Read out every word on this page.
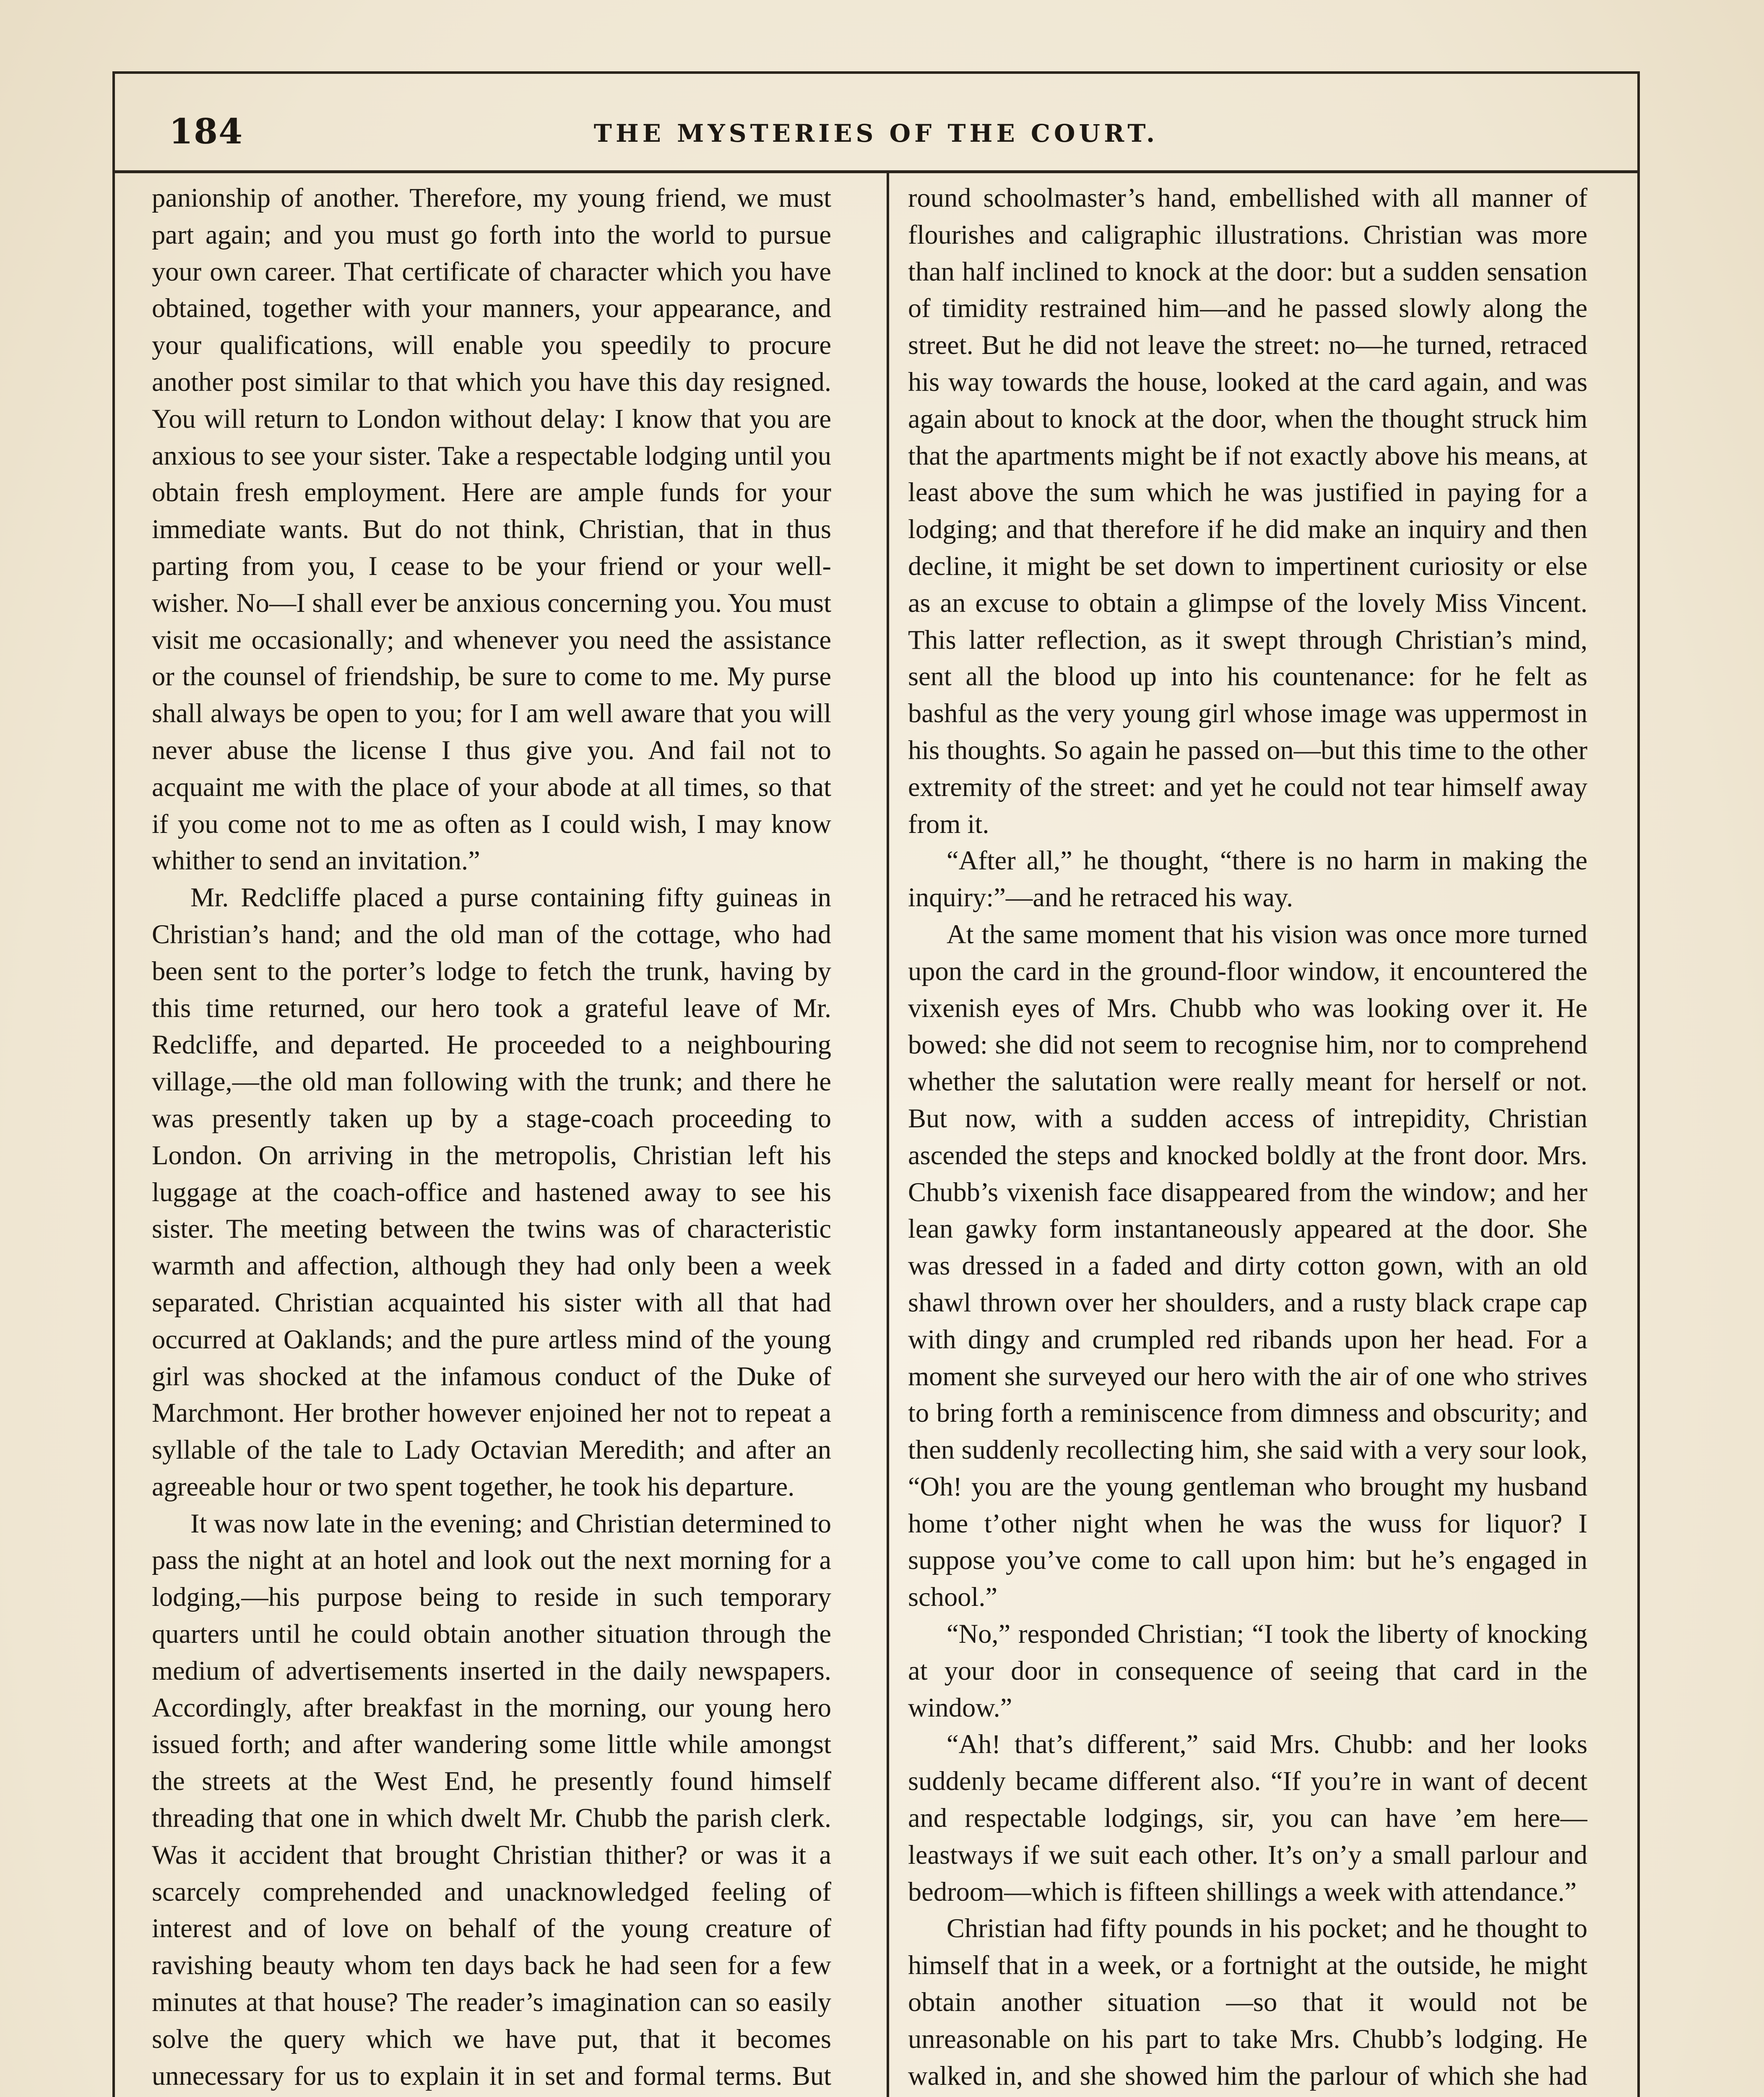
184	THE MYSTERIES OF THE COURT.

panionship of another. Therefore, my young friend, we must part again; and you must go forth into the world to pursue your own career. That certificate of character which you have obtained, together with your manners, your appearance, and your qualifications, will enable you speedily to procure another post similar to that which you have this day resigned. You will return to London without delay: I know that you are anxious to see your sister. Take a respectable lodging until you obtain fresh employment. Here are ample funds for your immediate wants. But do not think, Christian, that in thus parting from you, I cease to be your friend or your well-wisher. No—I shall ever be anxious concerning you. You must visit me occasionally; and whenever you need the assistance or the counsel of friendship, be sure to come to me. My purse shall always be open to you; for I am well aware that you will never abuse the license I thus give you. And fail not to acquaint me with the place of your abode at all times, so that if you come not to me as often as I could wish, I may know whither to send an invitation.”

Mr. Redcliffe placed a purse containing fifty guineas in Christian’s hand; and the old man of the cottage, who had been sent to the porter’s lodge to fetch the trunk, having by this time returned, our hero took a grateful leave of Mr. Redcliffe, and departed. He proceeded to a neighbouring village,—the old man following with the trunk; and there he was presently taken up by a stage-coach proceeding to London. On arriving in the metropolis, Christian left his luggage at the coach-office and hastened away to see his sister. The meeting between the twins was of characteristic warmth and affection, although they had only been a week separated. Christian acquainted his sister with all that had occurred at Oaklands; and the pure artless mind of the young girl was shocked at the infamous conduct of the Duke of Marchmont. Her brother however enjoined her not to repeat a syllable of the tale to Lady Octavian Meredith; and after an agreeable hour or two spent together, he took his departure.

It was now late in the evening; and Christian determined to pass the night at an hotel and look out the next morning for a lodging,—his purpose being to reside in such temporary quarters until he could obtain another situation through the medium of advertisements inserted in the daily newspapers. Accordingly, after breakfast in the morning, our young hero issued forth; and after wandering some little while amongst the streets at the West End, he presently found himself threading that one in which dwelt Mr. Chubb the parish clerk. Was it accident that brought Christian thither? or was it a scarcely comprehended and unacknowledged feeling of interest and of love on behalf of the young creature of ravishing beauty whom ten days back he had seen for a few minutes at that house? The reader’s imagination can so easily solve the query which we have put, that it becomes unnecessary for us to explain it in set and formal terms. But

round schoolmaster’s hand, embellished with all manner of flourishes and caligraphic illustrations. Christian was more than half inclined to knock at the door: but a sudden sensation of timidity restrained him—and he passed slowly along the street. But he did not leave the street: no—he turned, retraced his way towards the house, looked at the card again, and was again about to knock at the door, when the thought struck him that the apartments might be if not exactly above his means, at least above the sum which he was justified in paying for a lodging; and that therefore if he did make an inquiry and then decline, it might be set down to impertinent curiosity or else as an excuse to obtain a glimpse of the lovely Miss Vincent. This latter reflection, as it swept through Christian’s mind, sent all the blood up into his countenance: for he felt as bashful as the very young girl whose image was uppermost in his thoughts. So again he passed on—but this time to the other extremity of the street: and yet he could not tear himself away from it.

“After all,” he thought, “there is no harm in making the inquiry:”—and he retraced his way.

At the same moment that his vision was once more turned upon the card in the ground-floor window, it encountered the vixenish eyes of Mrs. Chubb who was looking over it. He bowed: she did not seem to recognise him, nor to comprehend whether the salutation were really meant for herself or not. But now, with a sudden access of intrepidity, Christian ascended the steps and knocked boldly at the front door. Mrs. Chubb’s vixenish face disappeared from the window; and her lean gawky form instantaneously appeared at the door. She was dressed in a faded and dirty cotton gown, with an old shawl thrown over her shoulders, and a rusty black crape cap with dingy and crumpled red ribands upon her head. For a moment she surveyed our hero with the air of one who strives to bring forth a reminiscence from dimness and obscurity; and then suddenly recollecting him, she said with a very sour look, “Oh! you are the young gentleman who brought my husband home t’other night when he was the wuss for liquor? I suppose you’ve come to call upon him: but he’s engaged in school.”

“No,” responded Christian; “I took the liberty of knocking at your door in consequence of seeing that card in the window.”

“Ah! that’s different,” said Mrs. Chubb: and her looks suddenly became different also. “If you’re in want of decent and respectable lodgings, sir, you can have ’em here—leastways if we suit each other. It’s on’y a small parlour and bedroom—which is fifteen shillings a week with attendance.”

Christian had fifty pounds in his pocket; and he thought to himself that in a week, or a fortnight at the outside, he might obtain another situation —so that it would not be unreasonable on his part to take Mrs. Chubb’s lodging. He walked in, and she showed him the parlour of which she had
